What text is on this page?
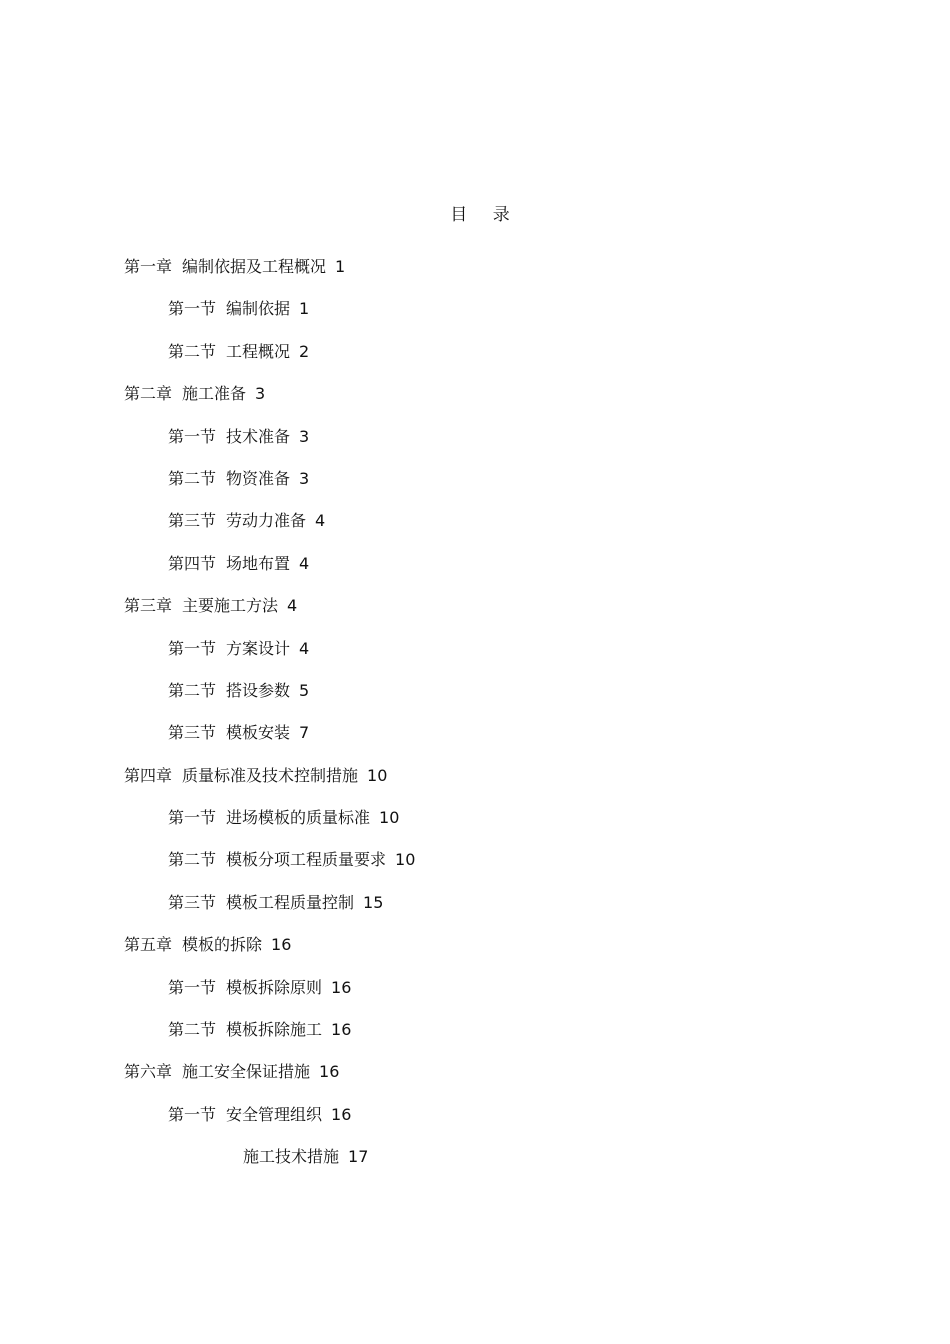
目 录
第一章 编制依据及工程概况 1
第一节 编制依据 1
第二节 工程概况 2
第二章 施工准备 3
第一节 技术准备 3
第二节 物资准备 3
第三节 劳动力准备 4
第四节 场地布置 4
第三章 主要施工方法 4
第一节 方案设计 4
第二节 搭设参数 5
第三节 模板安装 7
第四章 质量标准及技术控制措施 10
第一节 进场模板的质量标准 10
第二节 模板分项工程质量要求 10
第三节 模板工程质量控制 15
第五章 模板的拆除 16
第一节 模板拆除原则 16
第二节 模板拆除施工 16
第六章 施工安全保证措施 16
第一节 安全管理组织 16
施工技术措施 17
